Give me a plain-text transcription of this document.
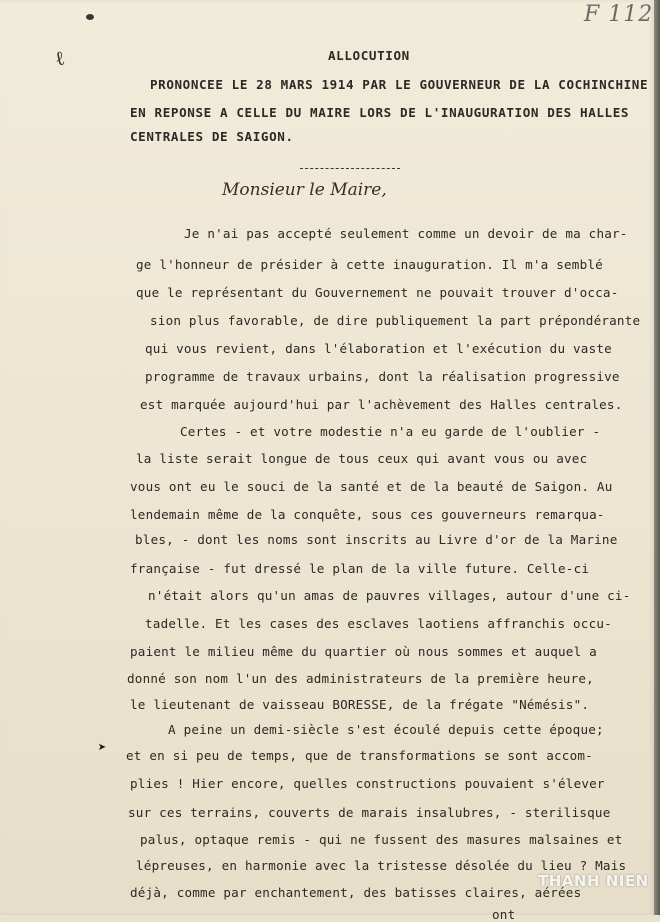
ℓ
➤
F 112
ALLOCUTION
PRONONCEE LE 28 MARS 1914 PAR LE GOUVERNEUR DE LA COCHINCHINE
EN REPONSE A CELLE DU MAIRE LORS DE L'INAUGURATION DES HALLES
CENTRALES DE SAIGON.
Monsieur le Maire,
Je n'ai pas accepté seulement comme un devoir de ma char-
ge l'honneur de présider à cette inauguration. Il m'a semblé
que le représentant du Gouvernement ne pouvait trouver d'occa-
sion plus favorable, de dire publiquement la part prépondérante
qui vous revient, dans l'élaboration et l'exécution du vaste
programme de travaux urbains, dont la réalisation progressive
est marquée aujourd'hui par l'achèvement des Halles centrales.
Certes - et votre modestie n'a eu garde de l'oublier -
la liste serait longue de tous ceux qui avant vous ou avec
vous ont eu le souci de la santé et de la beauté de Saigon. Au
lendemain même de la conquête, sous ces gouverneurs remarqua-
bles, - dont les noms sont inscrits au Livre d'or de la Marine
française - fut dressé le plan de la ville future. Celle-ci
n'était alors qu'un amas de pauvres villages, autour d'une ci-
tadelle. Et les cases des esclaves laotiens affranchis occu-
paient le milieu même du quartier où nous sommes et auquel a
donné son nom l'un des administrateurs de la première heure,
le lieutenant de vaisseau BORESSE, de la frégate "Némésis".
A peine un demi-siècle s'est écoulé depuis cette époque;
et en si peu de temps, que de transformations se sont accom-
plies ! Hier encore, quelles constructions pouvaient s'élever
sur ces terrains, couverts de marais insalubres, - sterilisque
palus, optaque remis - qui ne fussent des masures malsaines et
lépreuses, en harmonie avec la tristesse désolée du lieu ? Mais
déjà, comme par enchantement, des batisses claires, aérées
ont
THANH NIEN
